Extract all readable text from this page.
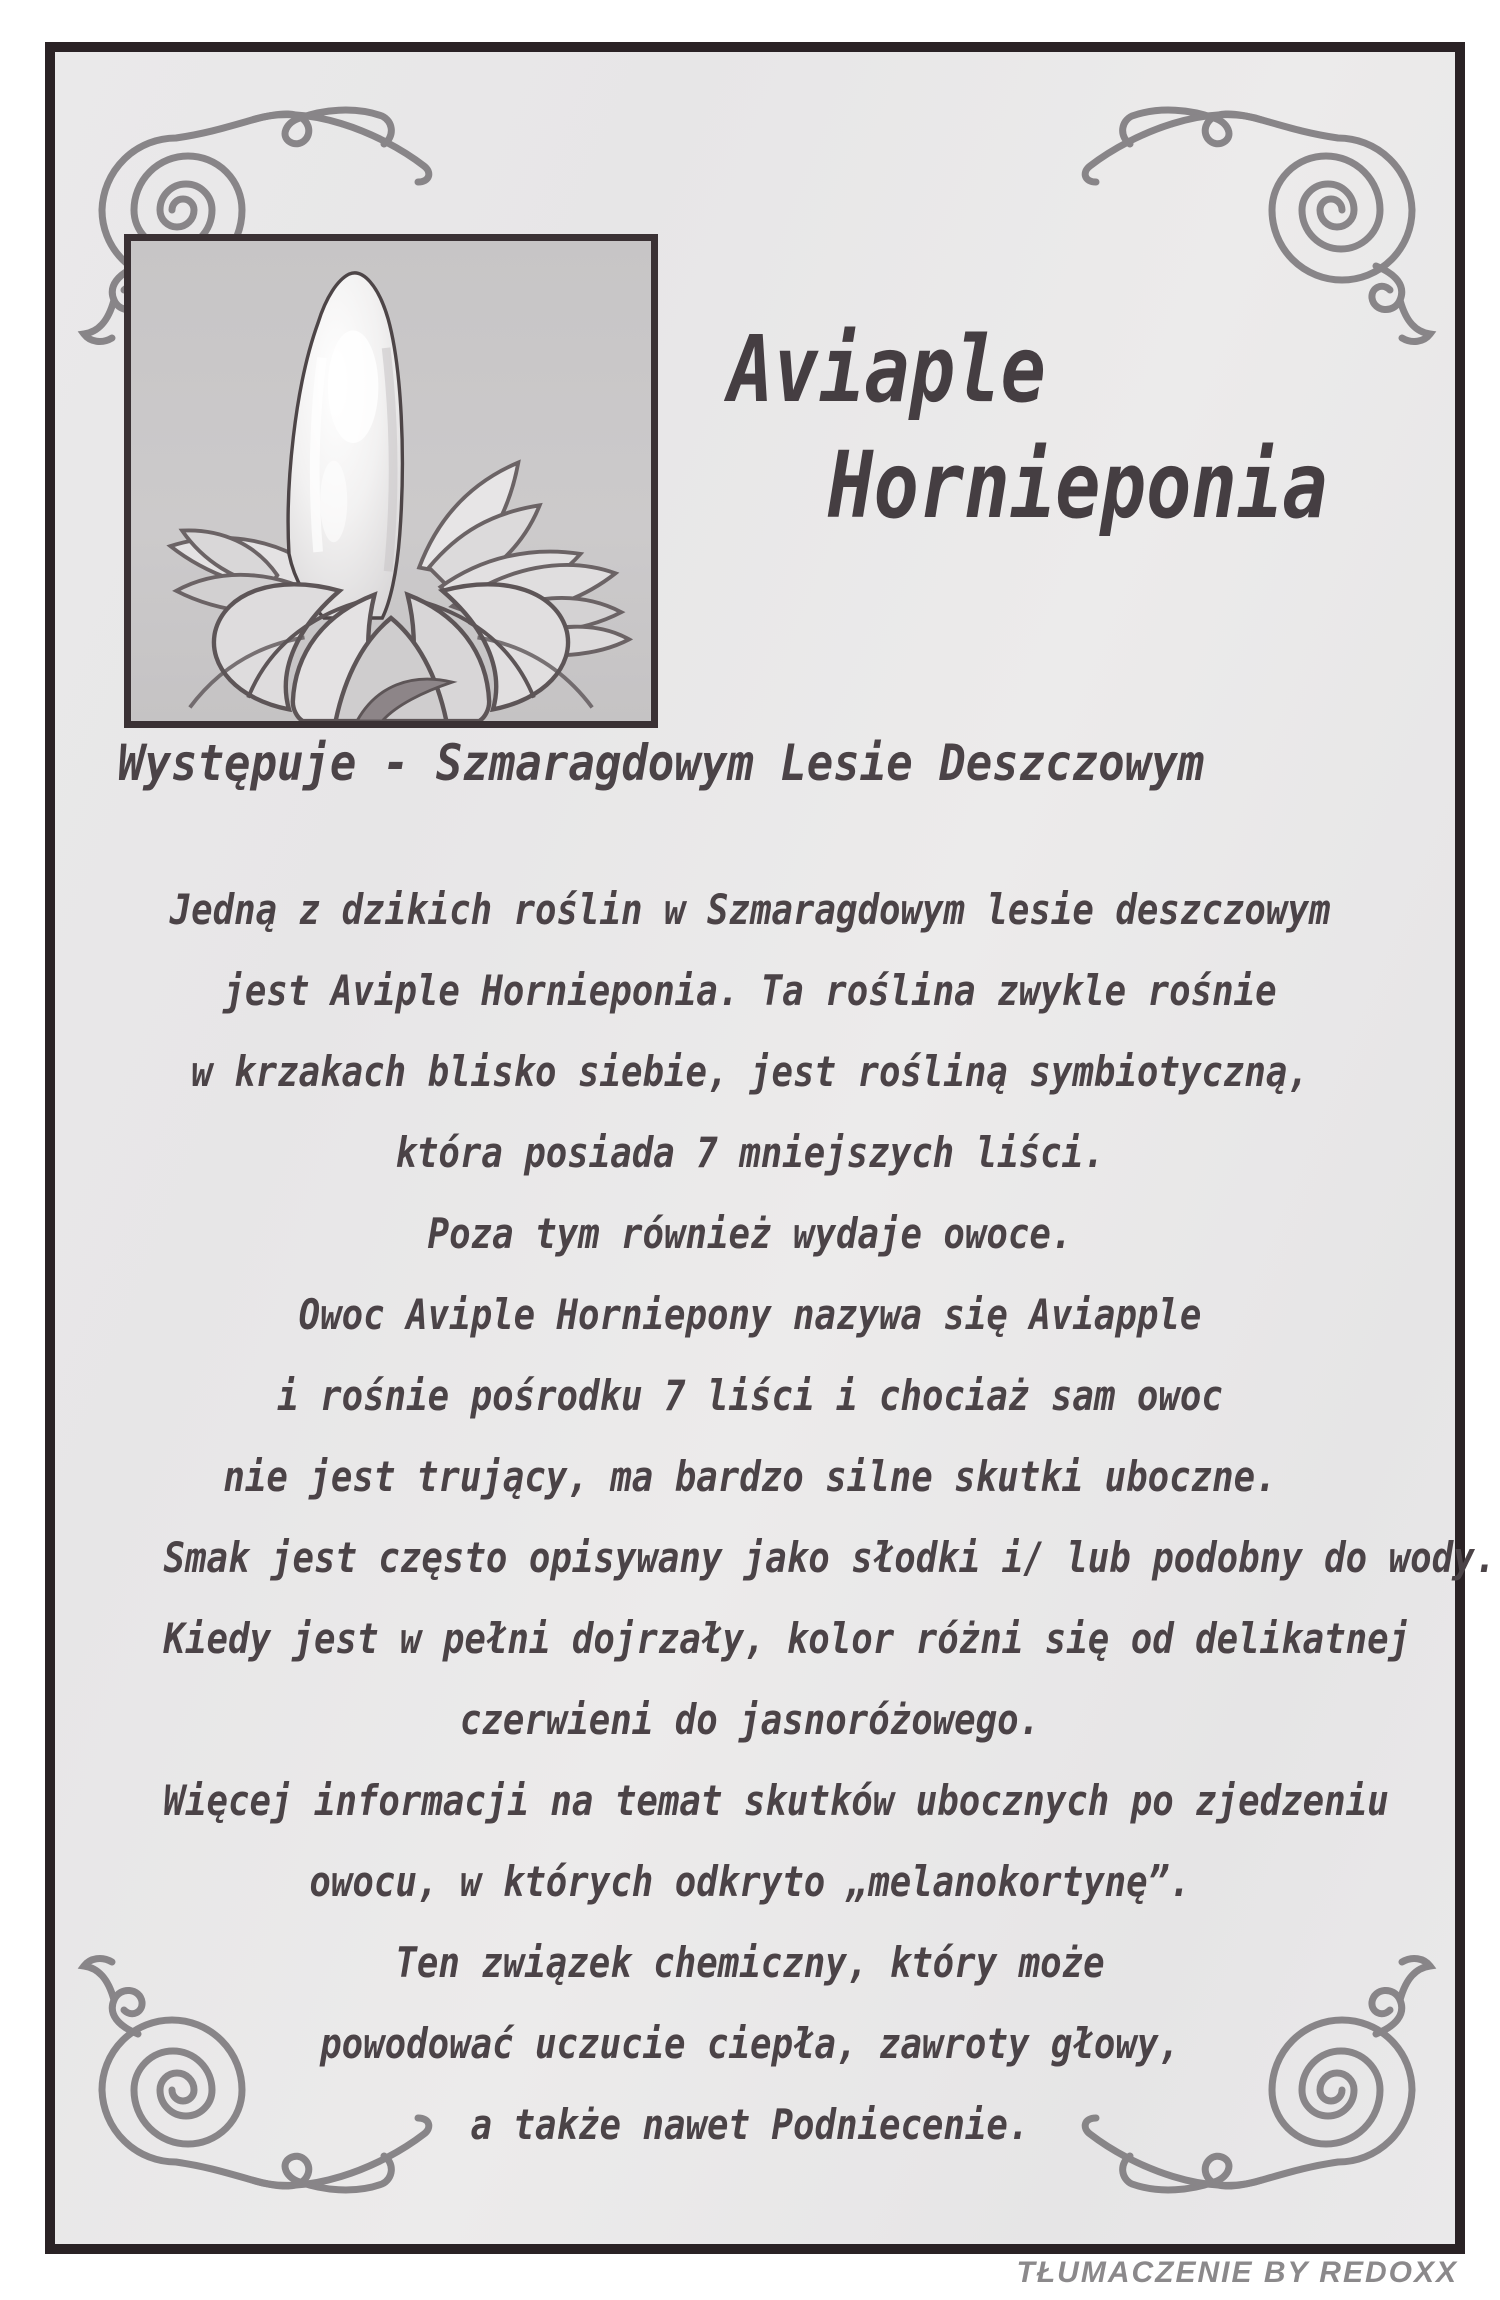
Aviaple
Hornieponia
Występuje - Szmaragdowym Lesie Deszczowym
Jedną z dzikich roślin w Szmaragdowym lesie deszczowym
jest Aviple Hornieponia. Ta roślina zwykle rośnie
w krzakach blisko siebie, jest rośliną symbiotyczną,
która posiada 7 mniejszych liści.
Poza tym również wydaje owoce.
Owoc Aviple Horniepony nazywa się Aviapple
i rośnie pośrodku 7 liści i chociaż sam owoc
nie jest trujący, ma bardzo silne skutki uboczne.
Smak jest często opisywany jako słodki i/ lub podobny do wody.
Kiedy jest w pełni dojrzały, kolor różni się od delikatnej
czerwieni do jasnoróżowego.
Więcej informacji na temat skutków ubocznych po zjedzeniu
owocu, w których odkryto „melanokortynę”.
Ten związek chemiczny, który może
powodować uczucie ciepła, zawroty głowy,
a także nawet Podniecenie.
TŁUMACZENIE BY REDOXX
